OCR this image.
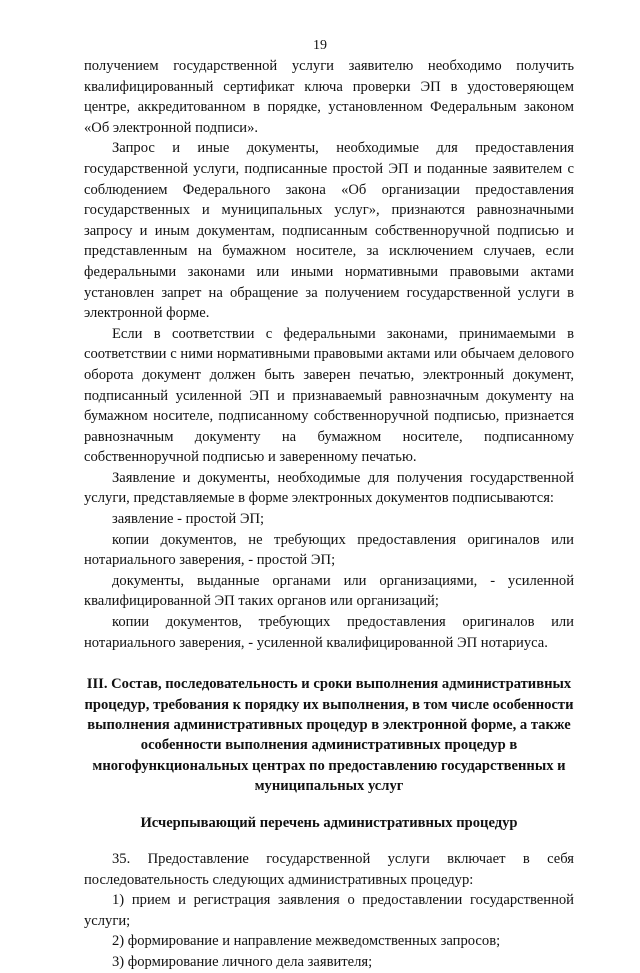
19

получением государственной услуги заявителю необходимо получить квалифицированный сертификат ключа проверки ЭП в удостоверяющем центре, аккредитованном в порядке, установленном Федеральным законом «Об электронной подписи».

Запрос и иные документы, необходимые для предоставления государственной услуги, подписанные простой ЭП и поданные заявителем с соблюдением Федерального закона «Об организации предоставления государственных и муниципальных услуг», признаются равнозначными запросу и иным документам, подписанным собственноручной подписью и представленным на бумажном носителе, за исключением случаев, если федеральными законами или иными нормативными правовыми актами установлен запрет на обращение за получением государственной услуги в электронной форме.

Если в соответствии с федеральными законами, принимаемыми в соответствии с ними нормативными правовыми актами или обычаем делового оборота документ должен быть заверен печатью, электронный документ, подписанный усиленной ЭП и признаваемый равнозначным документу на бумажном носителе, подписанному собственноручной подписью, признается равнозначным документу на бумажном носителе, подписанному собственноручной подписью и заверенному печатью.

Заявление и документы, необходимые для получения государственной услуги, представляемые в форме электронных документов подписываются:

заявление - простой ЭП;

копии документов, не требующих предоставления оригиналов или нотариального заверения, - простой ЭП;

документы, выданные органами или организациями, - усиленной квалифицированной ЭП таких органов или организаций;

копии документов, требующих предоставления оригиналов или нотариального заверения, - усиленной квалифицированной ЭП нотариуса.

III. Состав, последовательность и сроки выполнения административных процедур, требования к порядку их выполнения, в том числе особенности выполнения административных процедур в электронной форме, а также особенности выполнения административных процедур в многофункциональных центрах по предоставлению государственных и муниципальных услуг
Исчерпывающий перечень административных процедур

35. Предоставление государственной услуги включает в себя последовательность следующих административных процедур:

1) прием и регистрация заявления о предоставлении государственной услуги;

2) формирование и направление межведомственных запросов;

3) формирование личного дела заявителя;
